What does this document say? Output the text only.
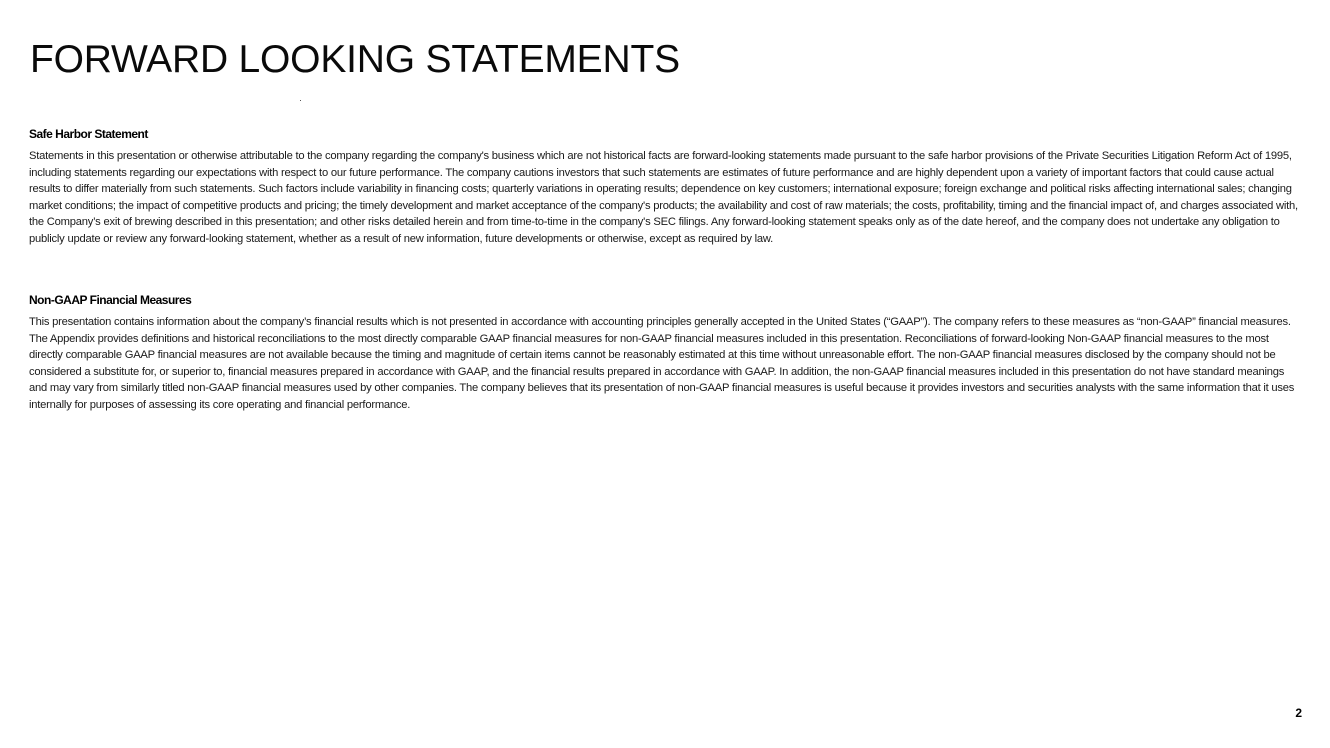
FORWARD LOOKING STATEMENTS

Safe Harbor Statement

Statements in this presentation or otherwise attributable to the company regarding the company's business which are not historical facts are forward-looking statements made pursuant to the safe harbor provisions of the Private Securities Litigation Reform Act of 1995, including statements regarding our expectations with respect to our future performance. The company cautions investors that such statements are estimates of future performance and are highly dependent upon a variety of important factors that could cause actual results to differ materially from such statements. Such factors include variability in financing costs; quarterly variations in operating results; dependence on key customers; international exposure; foreign exchange and political risks affecting international sales; changing market conditions; the impact of competitive products and pricing; the timely development and market acceptance of the company's products; the availability and cost of raw materials; the costs, profitability, timing and the financial impact of, and charges associated with, the Company’s exit of brewing described in this presentation; and other risks detailed herein and from time-to-time in the company's SEC filings. Any forward-looking statement speaks only as of the date hereof, and the company does not undertake any obligation to publicly update or review any forward-looking statement, whether as a result of new information, future developments or otherwise, except as required by law.

Non-GAAP Financial Measures

This presentation contains information about the company’s financial results which is not presented in accordance with accounting principles generally accepted in the United States (“GAAP”). The company refers to these measures as “non-GAAP” financial measures. The Appendix provides definitions and historical reconciliations to the most directly comparable GAAP financial measures for non-GAAP financial measures included in this presentation. Reconciliations of forward-looking Non-GAAP financial measures to the most directly comparable GAAP financial measures are not available because the timing and magnitude of certain items cannot be reasonably estimated at this time without unreasonable effort. The non-GAAP financial measures disclosed by the company should not be considered a substitute for, or superior to, financial measures prepared in accordance with GAAP, and the financial results prepared in accordance with GAAP. In addition, the non-GAAP financial measures included in this presentation do not have standard meanings and may vary from similarly titled non-GAAP financial measures used by other companies. The company believes that its presentation of non-GAAP financial measures is useful because it provides investors and securities analysts with the same information that it uses internally for purposes of assessing its core operating and financial performance.

2
